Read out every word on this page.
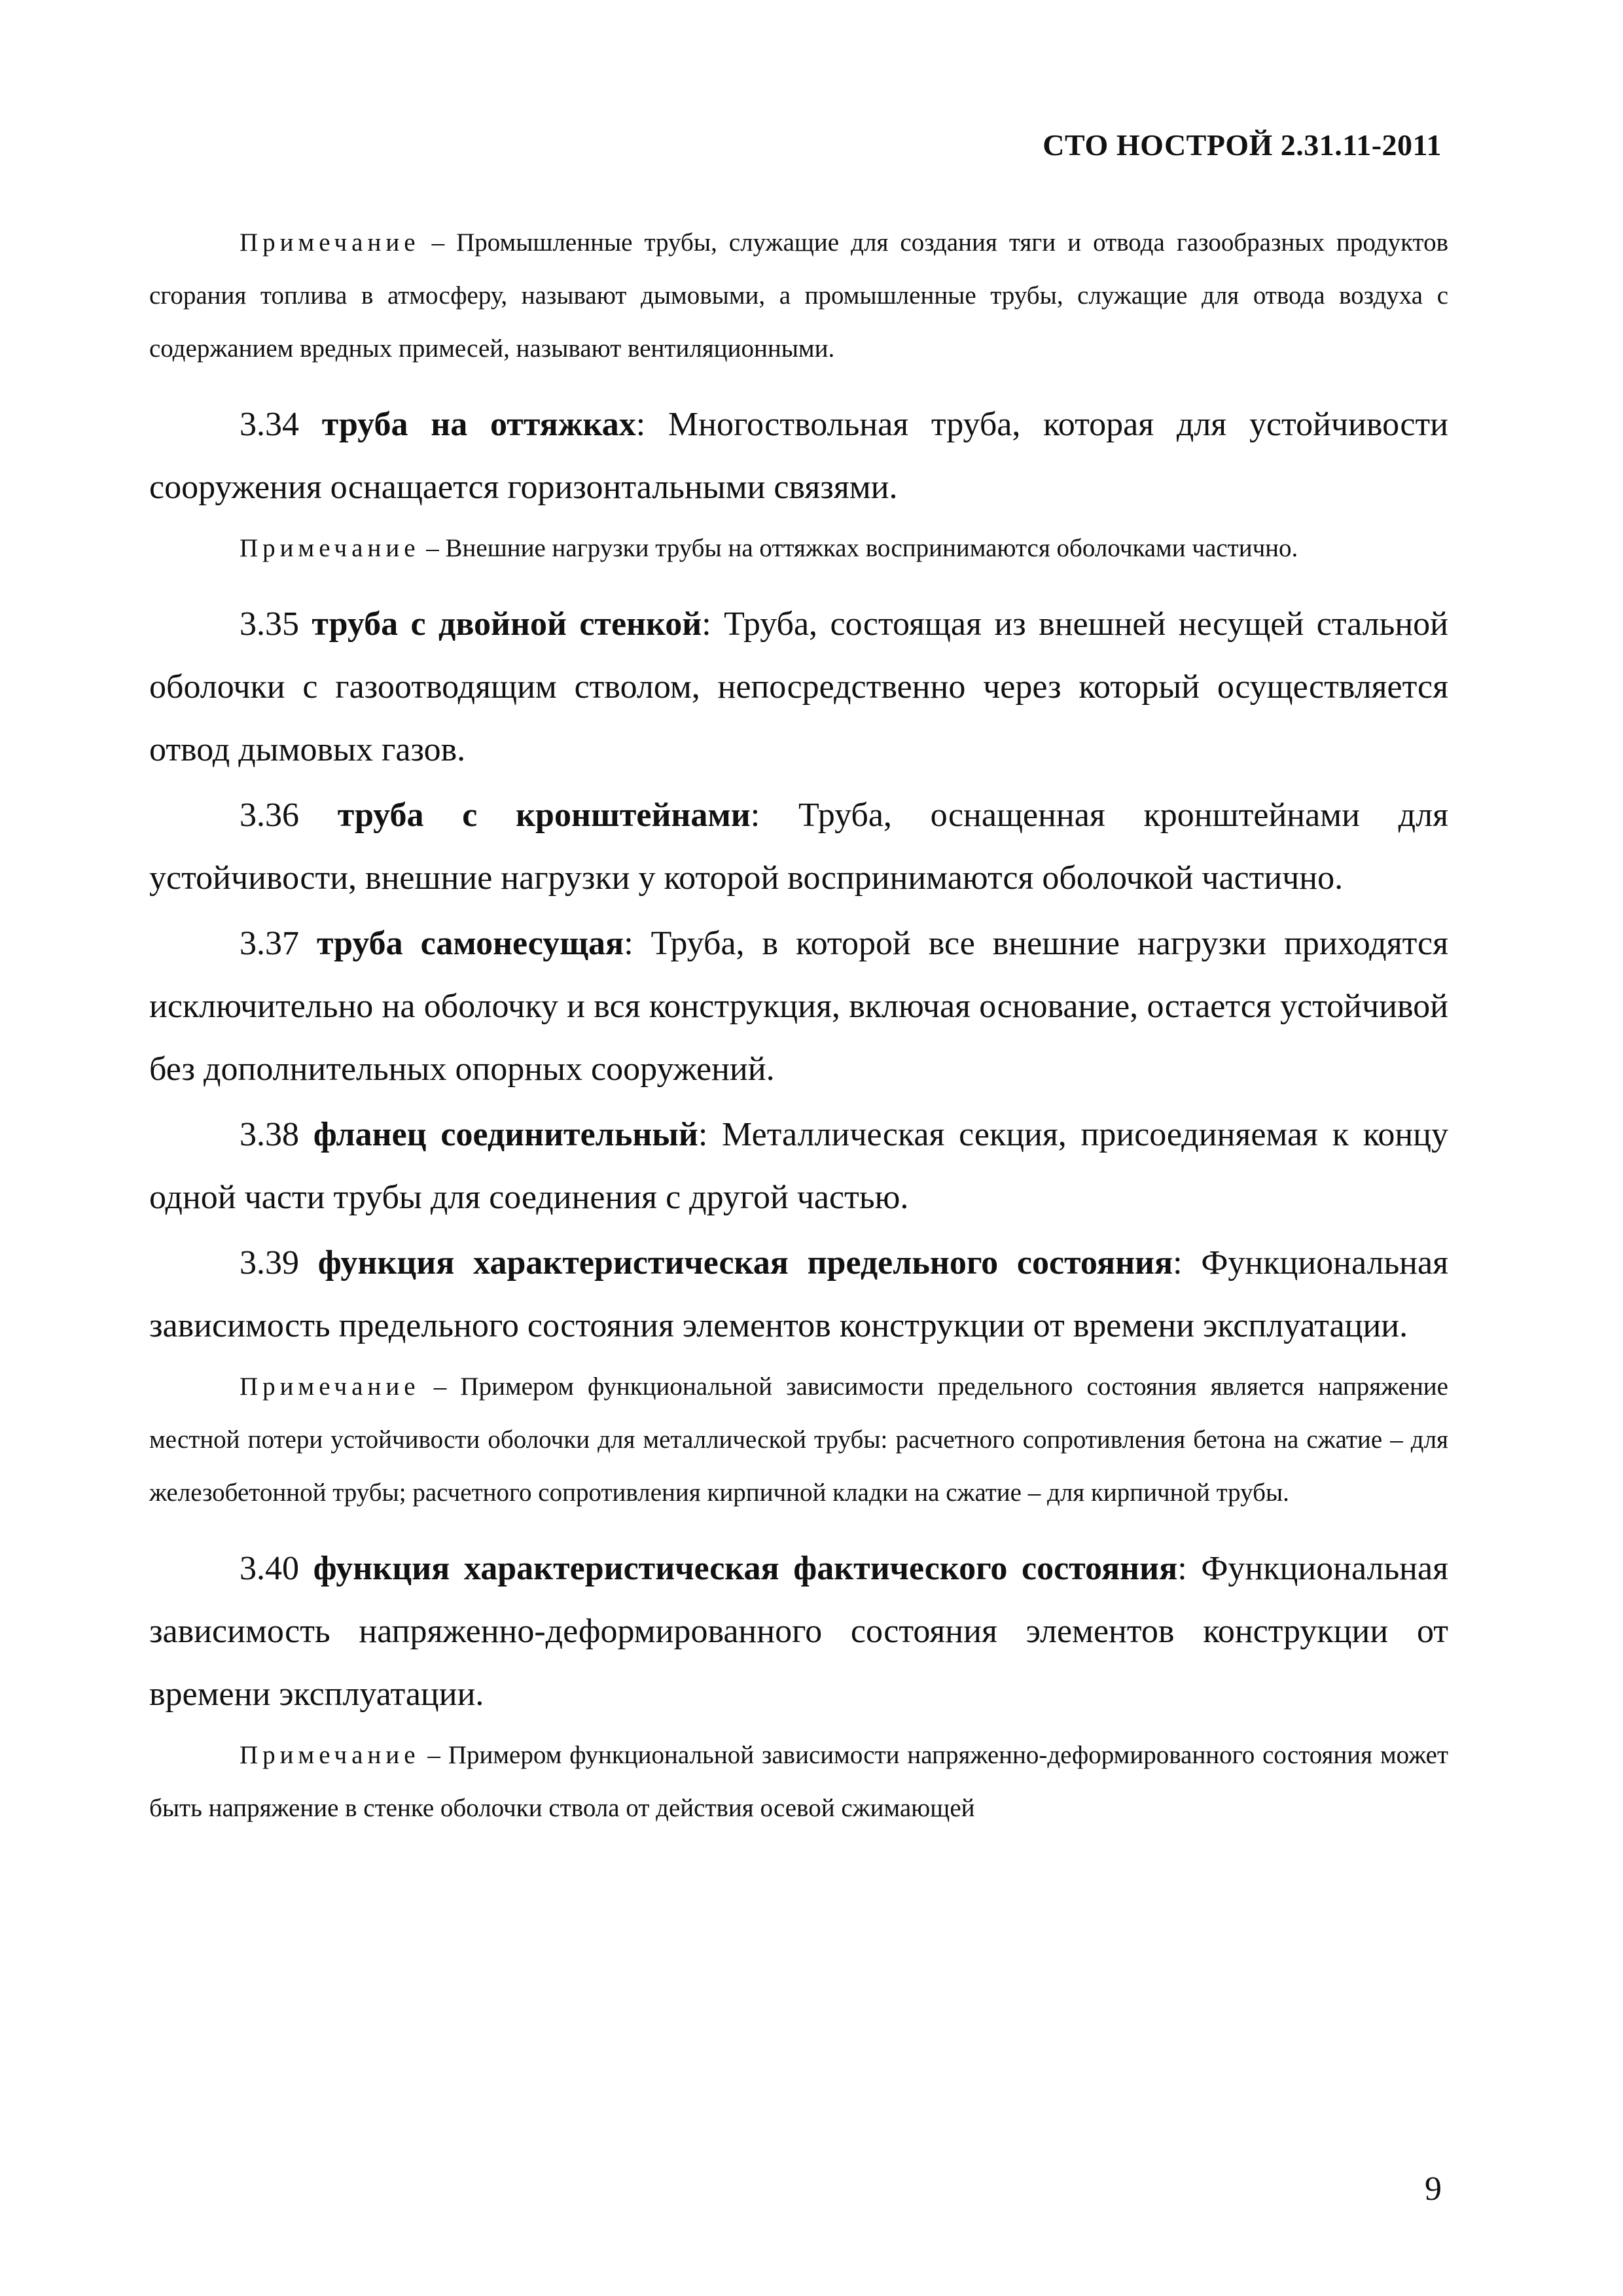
СТО НОСТРОЙ 2.31.11-2011

Примечание – Промышленные трубы, служащие для создания тяги и отвода газообразных продуктов сгорания топлива в атмосферу, называют дымовыми, а промышленные трубы, служащие для отвода воздуха с содержанием вредных примесей, называют вентиляционными.

3.34 труба на оттяжках: Многоствольная труба, которая для устойчивости сооружения оснащается горизонтальными связями.

Примечание – Внешние нагрузки трубы на оттяжках воспринимаются оболочками частично.

3.35 труба с двойной стенкой: Труба, состоящая из внешней несущей стальной оболочки с газоотводящим стволом, непосредственно через который осуществляется отвод дымовых газов.

3.36 труба с кронштейнами: Труба, оснащенная кронштейнами для устойчивости, внешние нагрузки у которой воспринимаются оболочкой частично.

3.37 труба самонесущая: Труба, в которой все внешние нагрузки приходятся исключительно на оболочку и вся конструкция, включая основание, остается устойчивой без дополнительных опорных сооружений.

3.38 фланец соединительный: Металлическая секция, присоединяемая к концу одной части трубы для соединения с другой частью.

3.39 функция характеристическая предельного состояния: Функциональная зависимость предельного состояния элементов конструкции от времени эксплуатации.

Примечание – Примером функциональной зависимости предельного состояния является напряжение местной потери устойчивости оболочки для металлической трубы: расчетного сопротивления бетона на сжатие – для железобетонной трубы; расчетного сопротивления кирпичной кладки на сжатие – для кирпичной трубы.

3.40 функция характеристическая фактического состояния: Функциональная зависимость напряженно-деформированного состояния элементов конструкции от времени эксплуатации.

Примечание – Примером функциональной зависимости напряженно-деформированного состояния может быть напряжение в стенке оболочки ствола от действия осевой сжимающей

9
